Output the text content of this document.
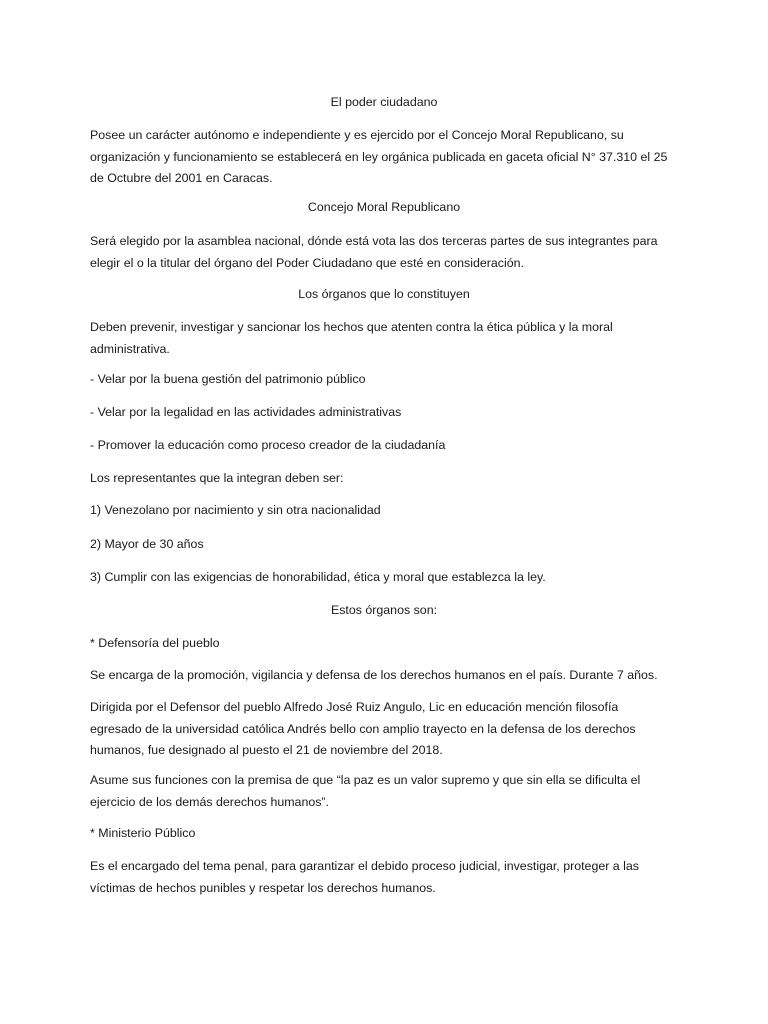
El poder ciudadano

Posee un carácter autónomo e independiente y es ejercido por el Concejo Moral Republicano, su
organización y funcionamiento se establecerá en ley orgánica publicada en gaceta oficial N° 37.310 el 25
de Octubre del 2001 en Caracas.

Concejo Moral Republicano

Será elegido por la asamblea nacional, dónde está vota las dos terceras partes de sus integrantes para
elegir el o la titular del órgano del Poder Ciudadano que esté en consideración.

Los órganos que lo constituyen

Deben prevenir, investigar y sancionar los hechos que atenten contra la ética pública y la moral
administrativa.

- Velar por la buena gestión del patrimonio público

- Velar por la legalidad en las actividades administrativas

- Promover la educación como proceso creador de la ciudadanía

Los representantes que la integran deben ser:

1) Venezolano por nacimiento y sin otra nacionalidad

2) Mayor de 30 años

3) Cumplir con las exigencias de honorabilidad, ética y moral que establezca la ley.

Estos órganos son:

* Defensoría del pueblo

Se encarga de la promoción, vigilancia y defensa de los derechos humanos en el país. Durante 7 años.

Dirigida por el Defensor del pueblo Alfredo José Ruiz Angulo, Lic en educación mención filosofía
egresado de la universidad católica Andrés bello con amplio trayecto en la defensa de los derechos
humanos, fue designado al puesto el 21 de noviembre del 2018.

Asume sus funciones con la premisa de que “la paz es un valor supremo y que sin ella se dificulta el
ejercicio de los demás derechos humanos”.

* Ministerio Público

Es el encargado del tema penal, para garantizar el debido proceso judicial, investigar, proteger a las
víctimas de hechos punibles y respetar los derechos humanos.
